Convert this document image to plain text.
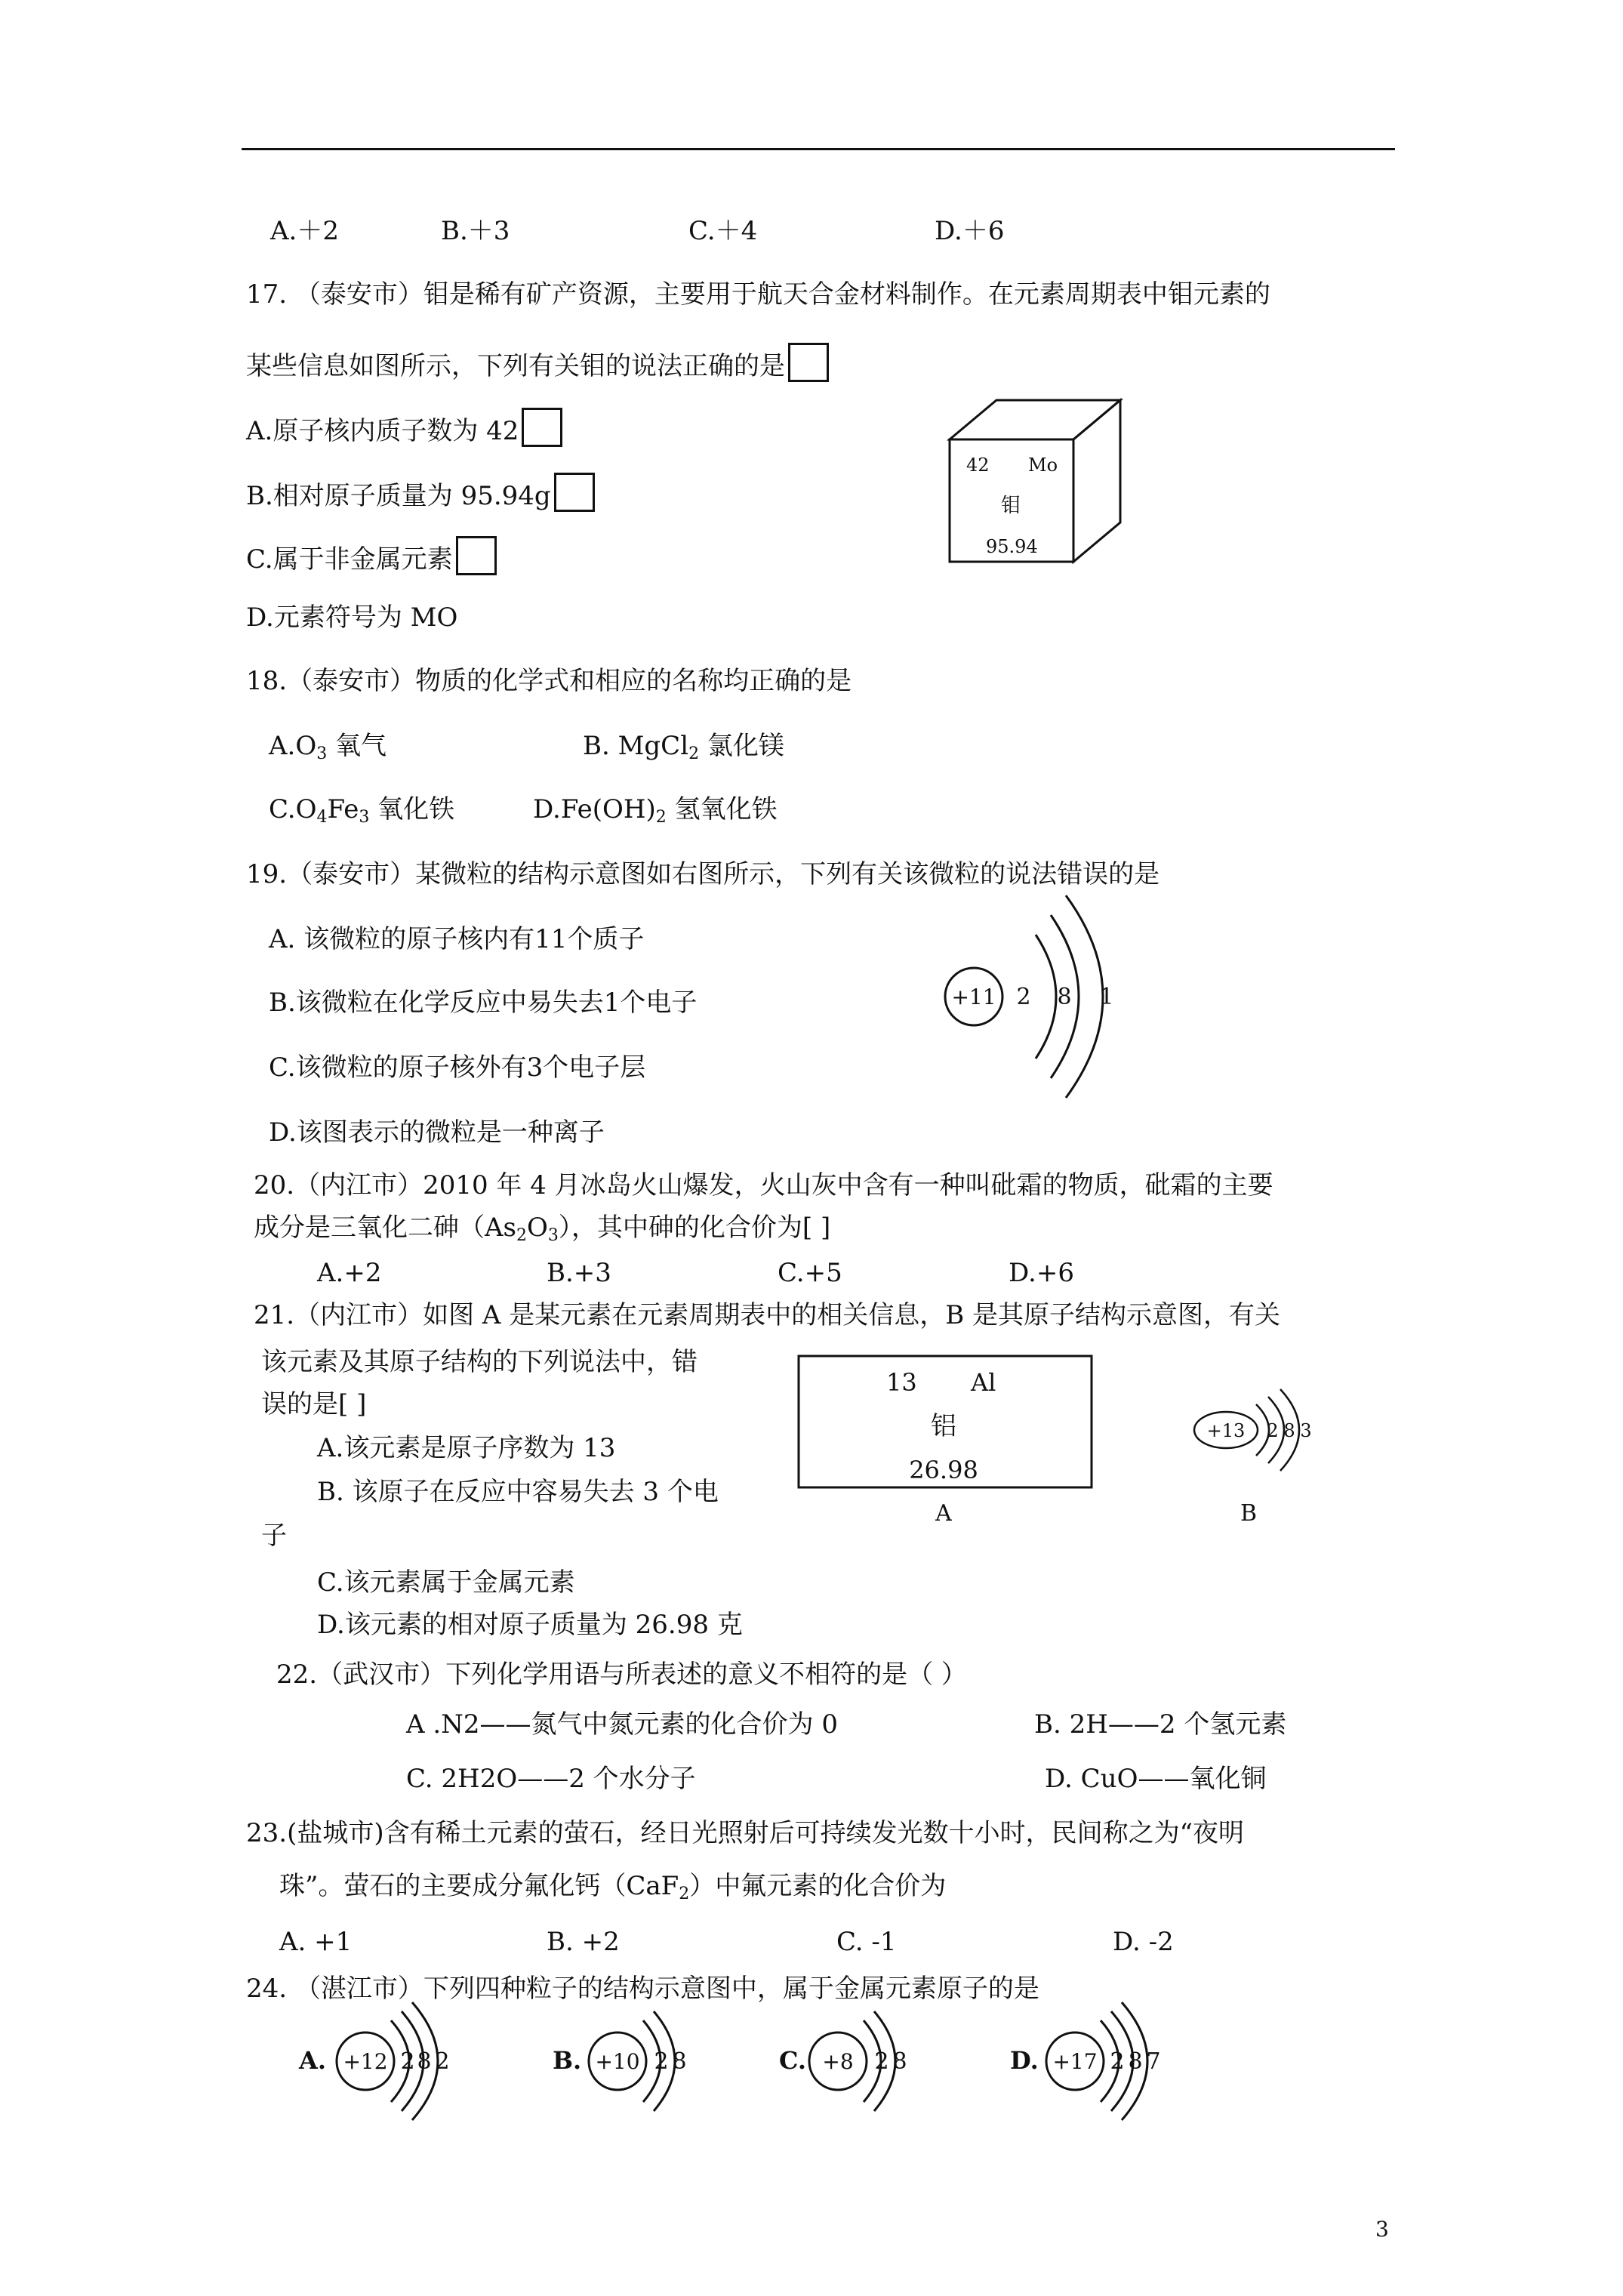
A.＋2	B.＋3	C.＋4	D.＋6
17. （泰安市）钼是稀有矿产资源，主要用于航天合金材料制作。在元素周期表中钼元素的
某些信息如图所示，下列有关钼的说法正确的是
A.原子核内质子数为 42
B.相对原子质量为 95.94g
C.属于非金属元素
D.元素符号为 MO
18.（泰安市）物质的化学式和相应的名称均正确的是
$A.O_3$ 氧气	B. MgCl$_2$ 氯化镁
$C.O_4Fe_3$ 氧化铁	$D.Fe(OH)_2$ 氢氧化铁
19.（泰安市）某微粒的结构示意图如右图所示，下列有关该微粒的说法错误的是
A. 该微粒的原子核内有11个质子
B.该微粒在化学反应中易失去1个电子
C.该微粒的原子核外有3个电子层
D.该图表示的微粒是一种离子
20.（内江市）2010 年 4 月冰岛火山爆发，火山灰中含有一种叫砒霜的物质，砒霜的主要
成分是三氧化二砷$(As_2O_3)$，其中砷的化合价为[ ]
A.+2	B.+3	C.+5	D.+6
21.（内江市）如图 A 是某元素在元素周期表中的相关信息，B 是其原子结构示意图，有关
该元素及其原子结构的下列说法中，错
误的是[ ]
A.该元素是原子序数为 13
B. 该原子在反应中容易失去 3 个电
子
C.该元素属于金属元素
D.该元素的相对原子质量为 26.98 克
22.（武汉市）下列化学用语与所表述的意义不相符的是（ ）
A .N2——氮气中氮元素的化合价为 0	B. 2H——2 个氢元素
C. 2H2O——2 个水分子	D. CuO——氧化铜
23.(盐城市)含有稀土元素的萤石，经日光照射后可持续发光数十小时，民间称之为“夜明
珠”。萤石的主要成分氟化钙（CaF$_2$）中氟元素的化合价为
A. +1	B. +2	C. -1	D. -2
24. （湛江市）下列四种粒子的结构示意图中，属于金属元素原子的是
3
42 Mo
钼
95.94
+11 2 8 1
13 Al
铝
26.98
A
+13 2 8 3
B
A. +12 2 8 2	B. +10 2 8	C. +8 2 8	D. +17 2 8 7
